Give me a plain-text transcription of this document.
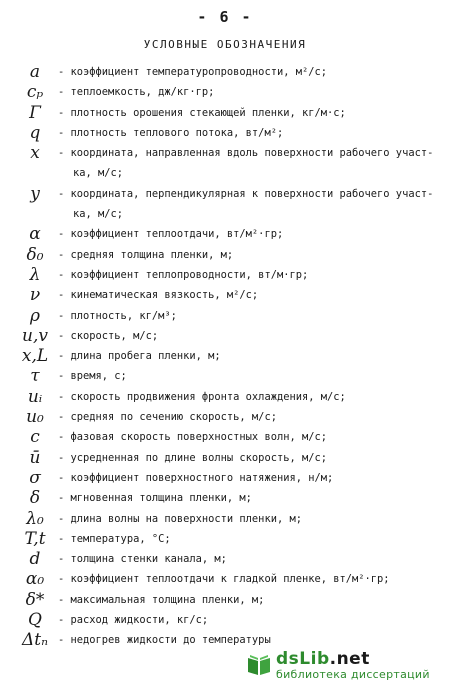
- 6 -
УСЛОВНЫЕ ОБОЗНАЧЕНИЯ
a	- коэффициент температуропроводности, м²/с;
cₚ	- теплоемкость, дж/кг·гр;
Γ	- плотность орошения стекающей пленки, кг/м·с;
q	- плотность теплового потока, вт/м²;
x	- координата, направленная вдоль поверхности рабочего участ-
ка, м/с;
y	- координата, перпендикулярная к поверхности рабочего участ-
ка, м/с;
α	- коэффициент теплоотдачи, вт/м²·гр;
δ₀	- средняя толщина пленки, м;
λ	- коэффициент теплопроводности, вт/м·гр;
ν	- кинематическая вязкость, м²/с;
ρ	- плотность, кг/м³;
u,v - скорость, м/с;
x,L - длина пробега пленки, м;
τ	- время, с;
uᵢ	- скорость продвижения фронта охлаждения, м/с;
u₀	- средняя по сечению скорость, м/с;
c	- фазовая скорость поверхностных волн, м/с;
ū	- усредненная по длине волны скорость, м/с;
σ	- коэффициент поверхностного натяжения, н/м;
δ	- мгновенная толщина пленки, м;
λ₀	- длина волны на поверхности пленки, м;
T,t	- температура, °С;
d	- толщина стенки канала, м;
α₀	- коэффициент теплоотдачи к гладкой пленке, вт/м²·гр;
δ*	- максимальная толщина пленки, м;
Q	- расход жидкости, кг/с;
Δtₙ - недогрев жидкости до температуры
dsLib.net
библиотека диссертаций
